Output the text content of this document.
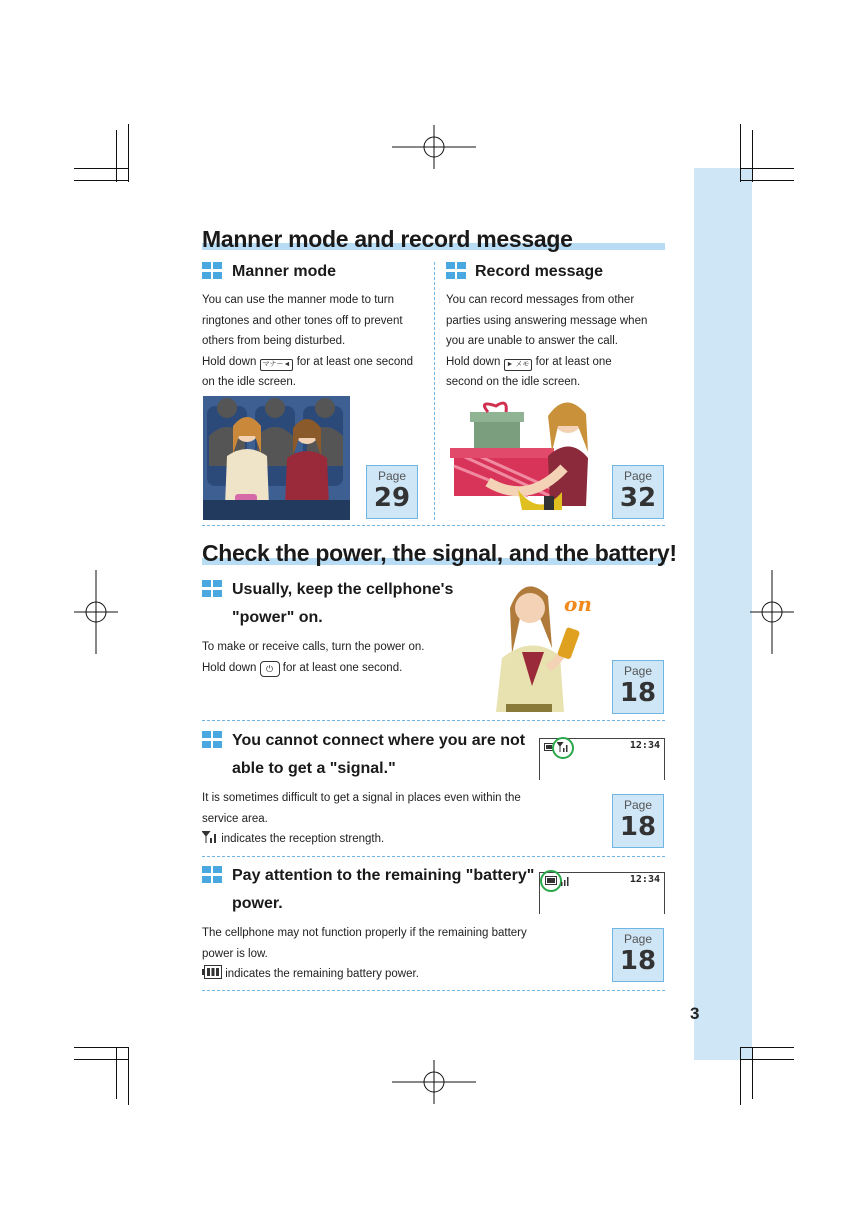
3
Manner mode and record message
Manner mode
You can use the manner mode to turn
ringtones and other tones off to prevent
others from being disturbed.
Hold down マナー◄ for at least one second
on the idle screen.
Page
29
Record message
You can record messages from other
parties using answering message when
you are unable to answer the call.
Hold down ► メモ for at least one
second on the idle screen.
Page
32
Check the power, the signal, and the battery!
Usually, keep the cellphone's
"power" on.
To make or receive calls, turn the power on.
Hold down ⏻ for at least one second.
on
Page
18
You cannot connect where you are not
able to get a "signal."
12:34
It is sometimes difficult to get a signal in places even within the
service area.
indicates the reception strength.
Page
18
Pay attention to the remaining "battery"
power.
12:34
The cellphone may not function properly if the remaining battery
power is low.
indicates the remaining battery power.
Page
18
